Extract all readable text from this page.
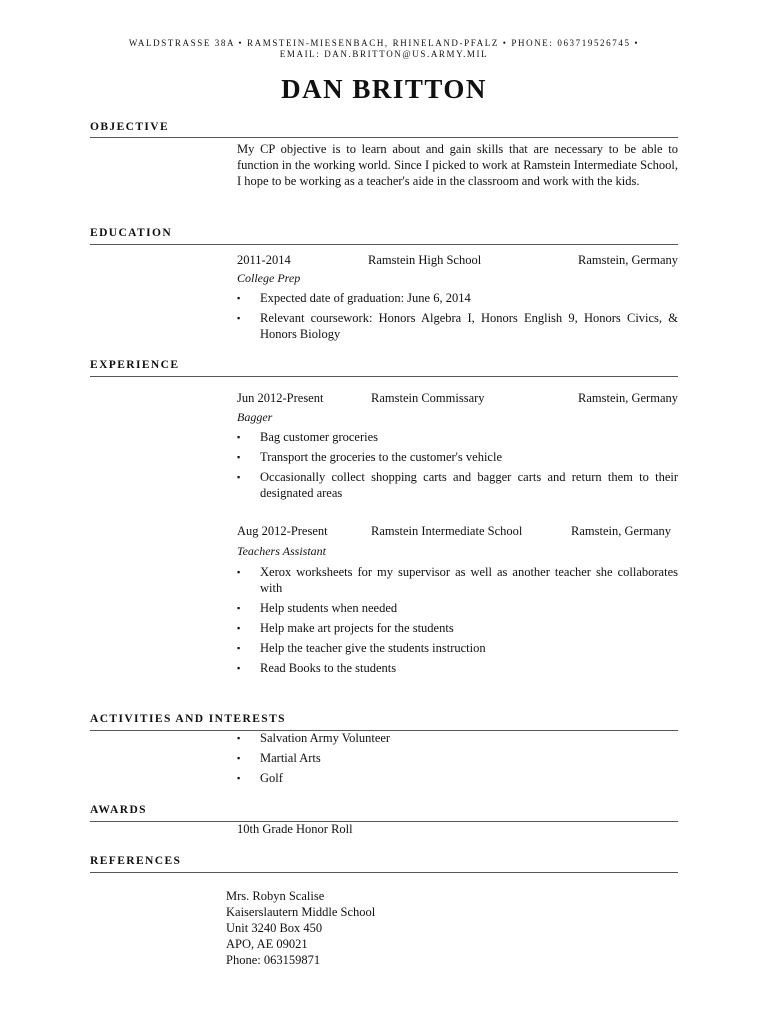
WALDSTRASSE 38A • RAMSTEIN-MIESENBACH, RHINELAND-PFALZ • PHONE: 063719526745 •
EMAIL: DAN.BRITTON@US.ARMY.MIL
DAN BRITTON
OBJECTIVE
My CP objective is to learn about and gain skills that are necessary to be able to function in the working world. Since I picked to work at Ramstein Intermediate School, I hope to be working as a teacher's aide in the classroom and work with the kids.
EDUCATION
2011-2014	Ramstein High School	Ramstein, Germany
College Prep
▪ Expected date of graduation: June 6, 2014
▪ Relevant coursework: Honors Algebra I, Honors English 9, Honors Civics, & Honors Biology
EXPERIENCE
Jun 2012-Present	Ramstein Commissary	Ramstein, Germany
Bagger
▪ Bag customer groceries
▪ Transport the groceries to the customer's vehicle
▪ Occasionally collect shopping carts and bagger carts and return them to their designated areas
Aug 2012-Present	Ramstein Intermediate School	Ramstein, Germany
Teachers Assistant
▪ Xerox worksheets for my supervisor as well as another teacher she collaborates with
▪ Help students when needed
▪ Help make art projects for the students
▪ Help the teacher give the students instruction
▪ Read Books to the students
ACTIVITIES AND INTERESTS
▪ Salvation Army Volunteer
▪ Martial Arts
▪ Golf
AWARDS
10th Grade Honor Roll
REFERENCES
Mrs. Robyn Scalise
Kaiserslautern Middle School
Unit 3240 Box 450
APO, AE 09021
Phone: 063159871
